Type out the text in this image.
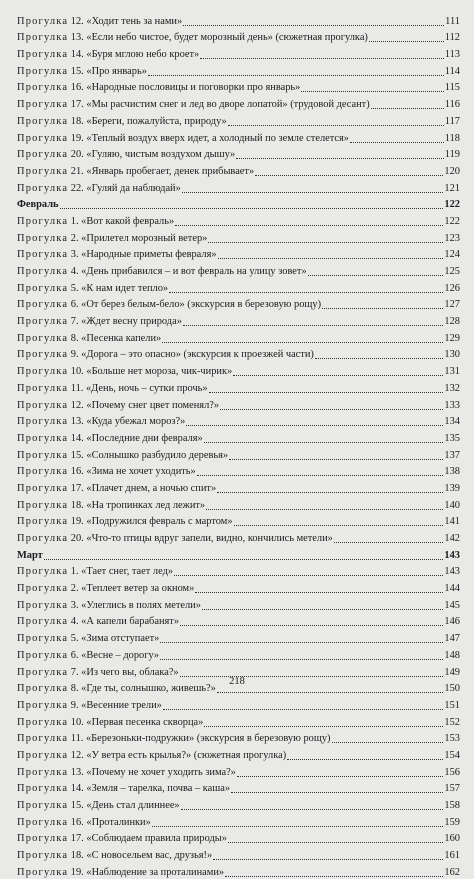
Прогулка 12. «Ходит тень за нами»	111
Прогулка 13. «Если небо чистое, будет морозный день» (сюжетная прогулка)	112
Прогулка 14. «Буря мглою небо кроет»	113
Прогулка 15. «Про январь»	114
Прогулка 16. «Народные пословицы и поговорки про январь»	115
Прогулка 17. «Мы расчистим снег и лед во дворе лопатой» (трудовой десант)	116
Прогулка 18. «Береги, пожалуйста, природу»	117
Прогулка 19. «Теплый воздух вверх идет, а холодный по земле стелется»	118
Прогулка 20. «Гуляю, чистым воздухом дышу»	119
Прогулка 21. «Январь пробегает, денек прибывает»	120
Прогулка 22. «Гуляй да наблюдай»	121
Февраль	122
Прогулка 1. «Вот какой февраль»	122
Прогулка 2. «Прилетел морозный ветер»	123
Прогулка 3. «Народные приметы февраля»	124
Прогулка 4. «День прибавился – и вот февраль на улицу зовет»	125
Прогулка 5. «К нам идет тепло»	126
Прогулка 6. «От берез белым-бело» (экскурсия в березовую рощу)	127
Прогулка 7. «Ждет весну природа»	128
Прогулка 8. «Песенка капели»	129
Прогулка 9. «Дорога – это опасно» (экскурсия к проезжей части)	130
Прогулка 10. «Больше нет мороза, чик-чирик»	131
Прогулка 11. «День, ночь – сутки прочь»	132
Прогулка 12. «Почему снег цвет поменял?»	133
Прогулка 13. «Куда убежал мороз?»	134
Прогулка 14. «Последние дни февраля»	135
Прогулка 15. «Солнышко разбудило деревья»	137
Прогулка 16. «Зима не хочет уходить»	138
Прогулка 17. «Плачет днем, а ночью спит»	139
Прогулка 18. «На тропинках лед лежит»	140
Прогулка 19. «Подружился февраль с мартом»	141
Прогулка 20. «Что-то птицы вдруг запели, видно, кончились метели»	142
Март	143
Прогулка 1. «Тает снег, тает лед»	143
Прогулка 2. «Теплеет ветер за окном»	144
Прогулка 3. «Улеглись в полях метели»	145
Прогулка 4. «А капели барабанят»	146
Прогулка 5. «Зима отступает»	147
Прогулка 6. «Весне – дорогу»	148
Прогулка 7. «Из чего вы, облака?»	149
Прогулка 8. «Где ты, солнышко, живешь?»	150
Прогулка 9. «Весенние трели»	151
Прогулка 10. «Первая песенка скворца»	152
Прогулка 11. «Березоньки-подружки» (экскурсия в березовую рощу)	153
Прогулка 12. «У ветра есть крылья?» (сюжетная прогулка)	154
Прогулка 13. «Почему не хочет уходить зима?»	156
Прогулка 14. «Земля – тарелка, почва – каша»	157
Прогулка 15. «День стал длиннее»	158
Прогулка 16. «Проталинки»	159
Прогулка 17. «Соблюдаем правила природы»	160
Прогулка 18. «С новосельем вас, друзья!»	161
Прогулка 19. «Наблюдение за проталинами»	162
218
